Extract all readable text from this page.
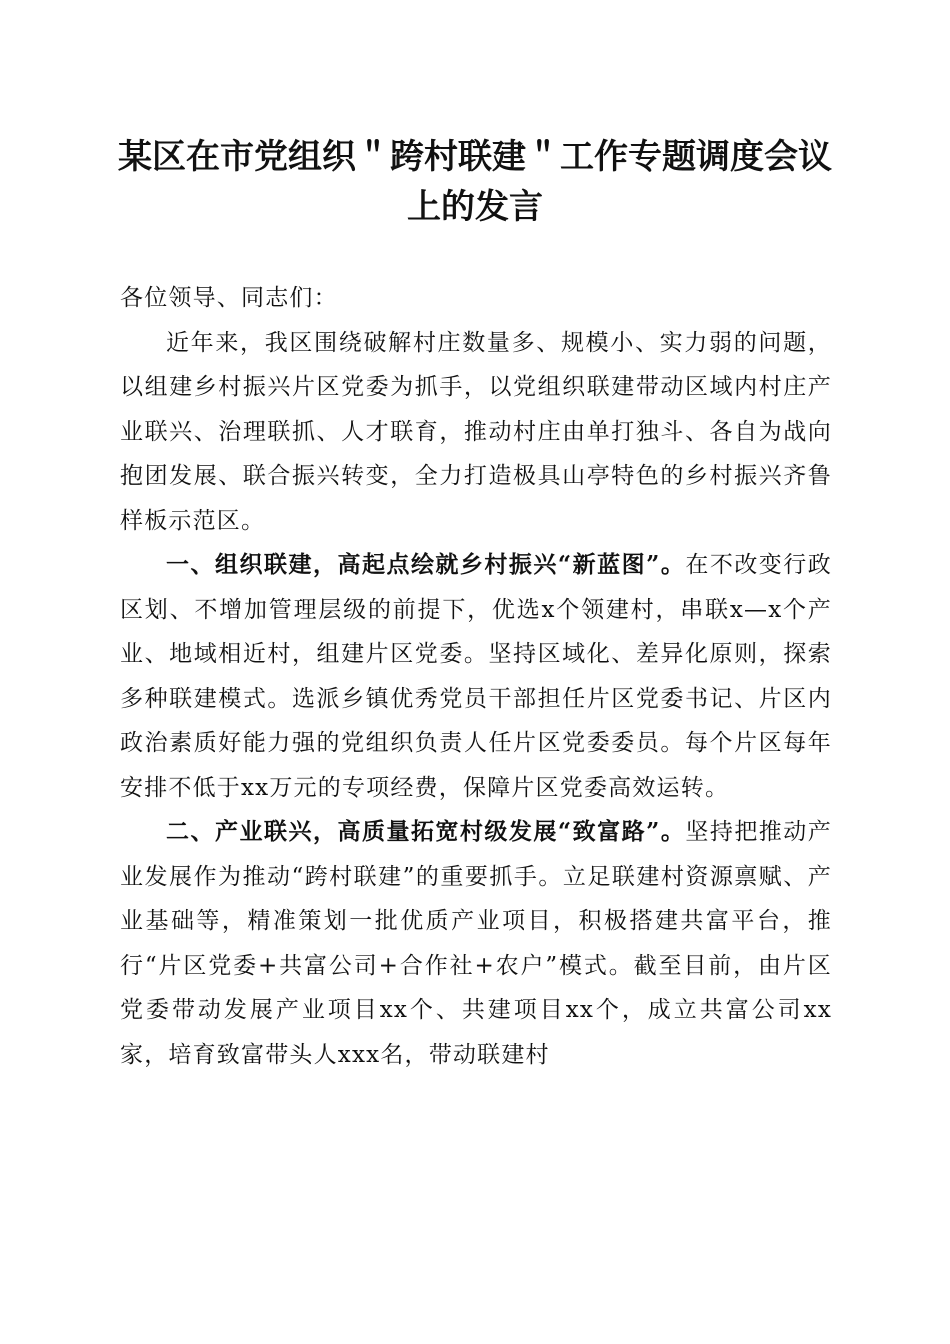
某区在市党组织＂跨村联建＂工作专题调度会议上的发言

各位领导、同志们：

近年来，我区围绕破解村庄数量多、规模小、实力弱的问题，以组建乡村振兴片区党委为抓手，以党组织联建带动区域内村庄产业联兴、治理联抓、人才联育，推动村庄由单打独斗、各自为战向抱团发展、联合振兴转变，全力打造极具山亭特色的乡村振兴齐鲁样板示范区。

一、组织联建，高起点绘就乡村振兴“新蓝图”。在不改变行政区划、不增加管理层级的前提下，优选x个领建村，串联x—x个产业、地域相近村，组建片区党委。坚持区域化、差异化原则，探索多种联建模式。选派乡镇优秀党员干部担任片区党委书记、片区内政治素质好能力强的党组织负责人任片区党委委员。每个片区每年安排不低于xx万元的专项经费，保障片区党委高效运转。

二、产业联兴，高质量拓宽村级发展“致富路”。坚持把推动产业发展作为推动“跨村联建”的重要抓手。立足联建村资源禀赋、产业基础等，精准策划一批优质产业项目，积极搭建共富平台，推行“片区党委+共富公司+合作社+农户”模式。截至目前，由片区党委带动发展产业项目xx个、共建项目xx个，成立共富公司xx家，培育致富带头人xxx名，带动联建村
